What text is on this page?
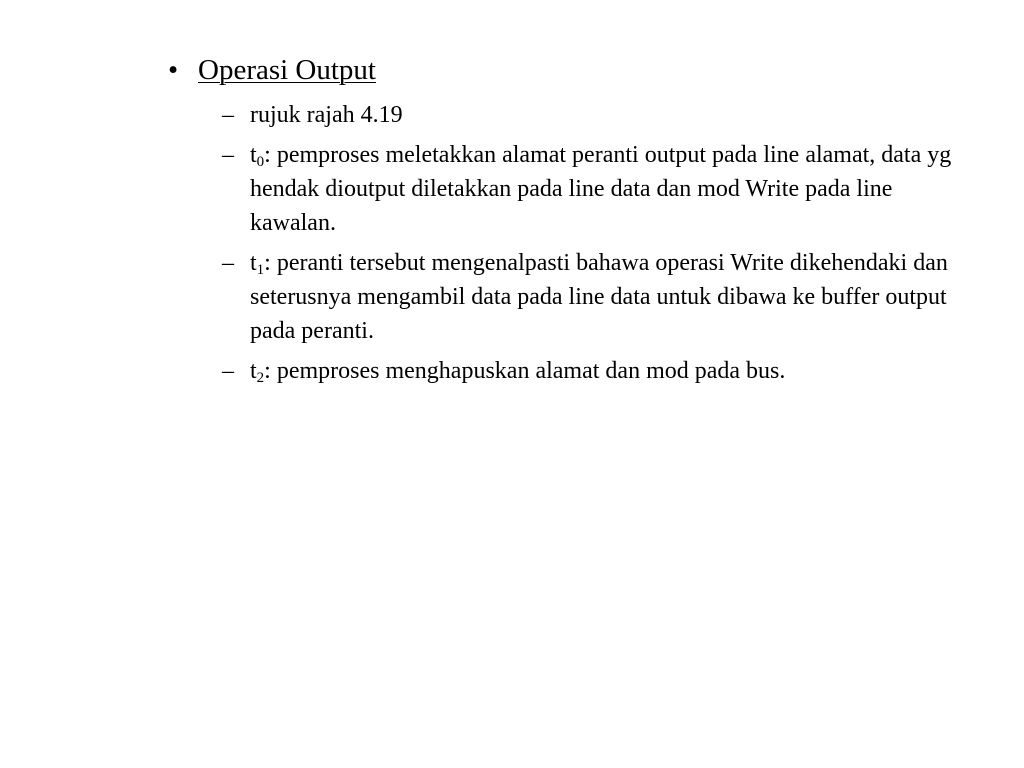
• Operasi Output
– rujuk rajah 4.19
– $t_0$: pemproses meletakkan alamat peranti output pada line alamat, data yg hendak dioutput diletakkan pada line data dan mod Write pada line kawalan.
– $t_1$: peranti tersebut mengenalpasti bahawa operasi Write dikehendaki dan seterusnya mengambil data pada line data untuk dibawa ke buffer output pada peranti.
– $t_2$: pemproses menghapuskan alamat dan mod pada bus.
